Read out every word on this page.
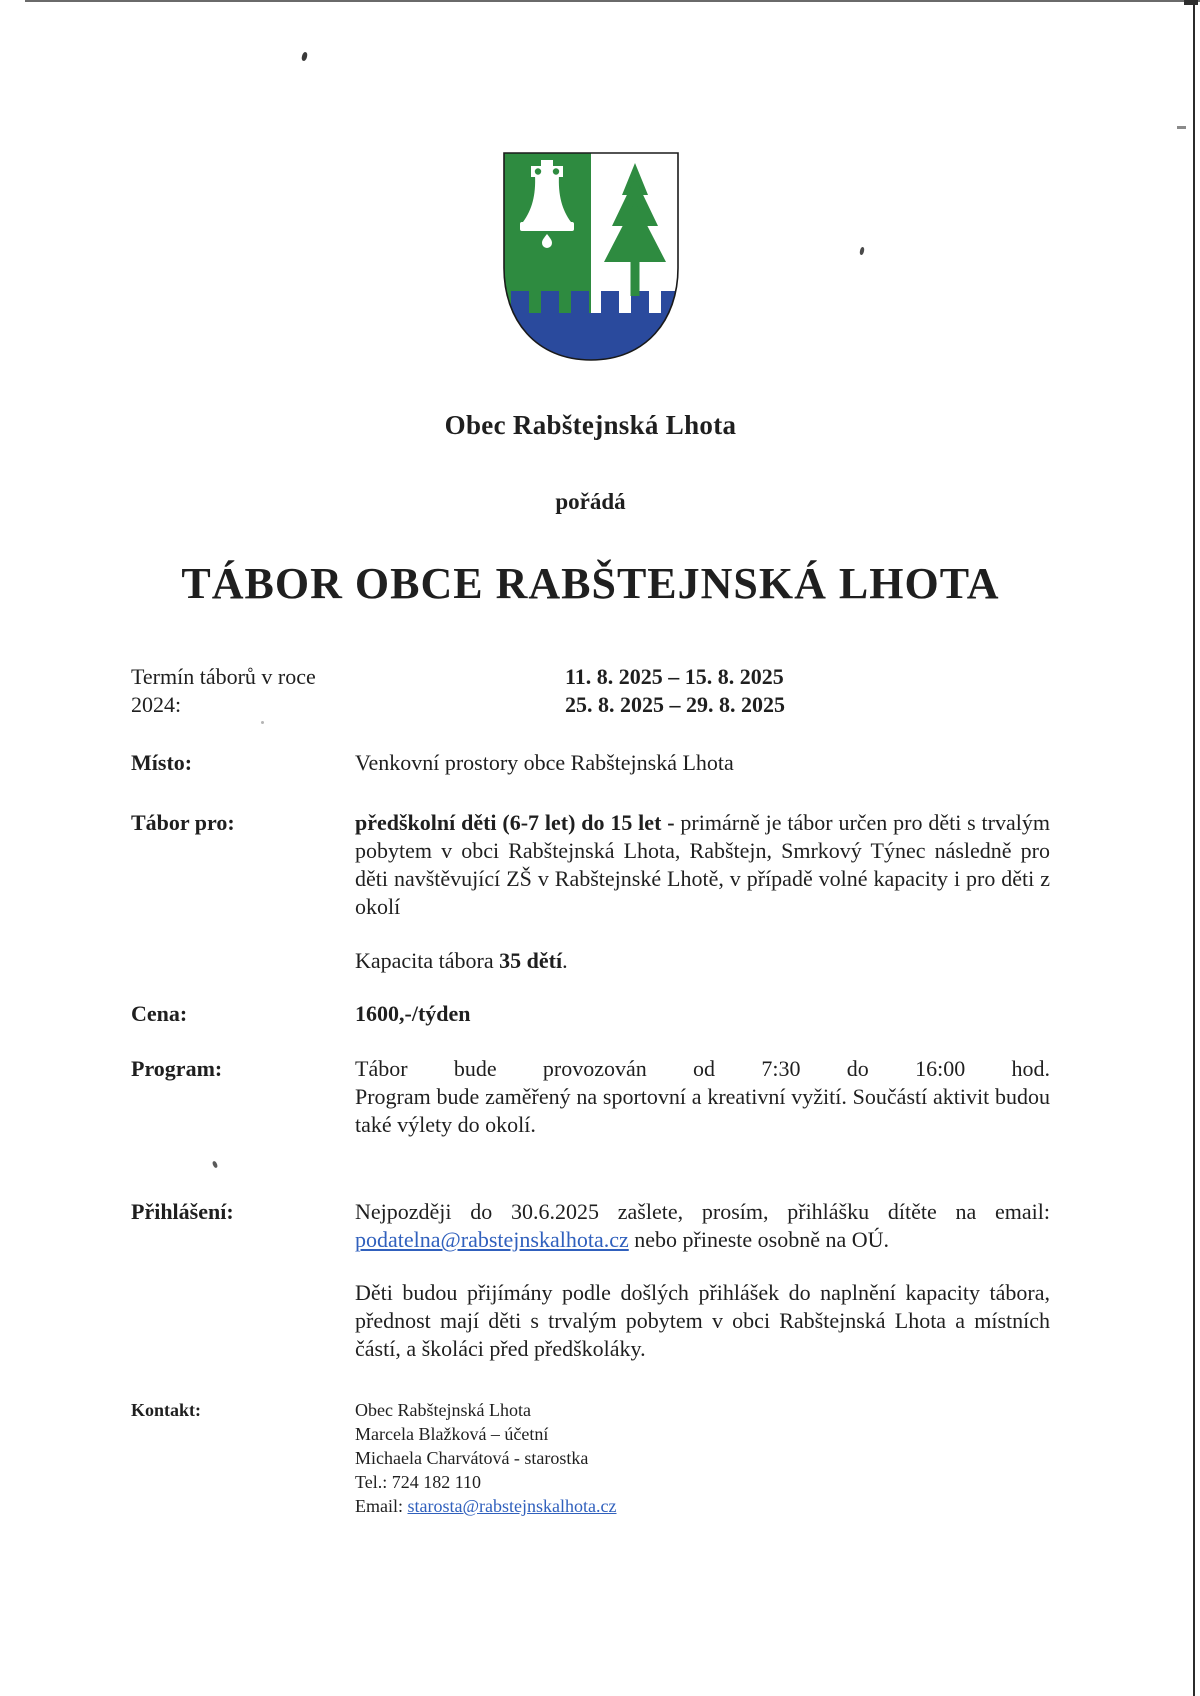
Obec Rabštejnská Lhota

pořádá

TÁBOR OBCE RABŠTEJNSKÁ LHOTA
Termín táborů v roce 2024:
11. 8. 2025 – 15. 8. 2025
25. 8. 2025 – 29. 8. 2025
Místo:	Venkovní prostory obce Rabštejnská Lhota
Tábor pro:	předškolní děti (6-7 let) do 15 let - primárně je tábor určen pro děti s trvalým pobytem v obci Rabštejnská Lhota, Rabštejn, Smrkový Týnec následně pro děti navštěvující ZŠ v Rabštejnské Lhotě, v případě volné kapacity i pro děti z okolí
Kapacita tábora 35 dětí.
Cena:	1600,-/týden
Program:	Tábor bude provozován od 7:30 do 16:00 hod.
Program bude zaměřený na sportovní a kreativní vyžití. Součástí aktivit budou také výlety do okolí.
Přihlášení:	Nejpozději do 30.6.2025 zašlete, prosím, přihlášku dítěte na email: podatelna@rabstejnskalhota.cz nebo přineste osobně na OÚ.
Děti budou přijímány podle došlých přihlášek do naplnění kapacity tábora, přednost mají děti s trvalým pobytem v obci Rabštejnská Lhota a místních částí, a školáci před předškoláky.
Kontakt:	Obec Rabštejnská Lhota
Marcela Blažková – účetní
Michaela Charvátová - starostka
Tel.: 724 182 110
Email: starosta@rabstejnskalhota.cz
